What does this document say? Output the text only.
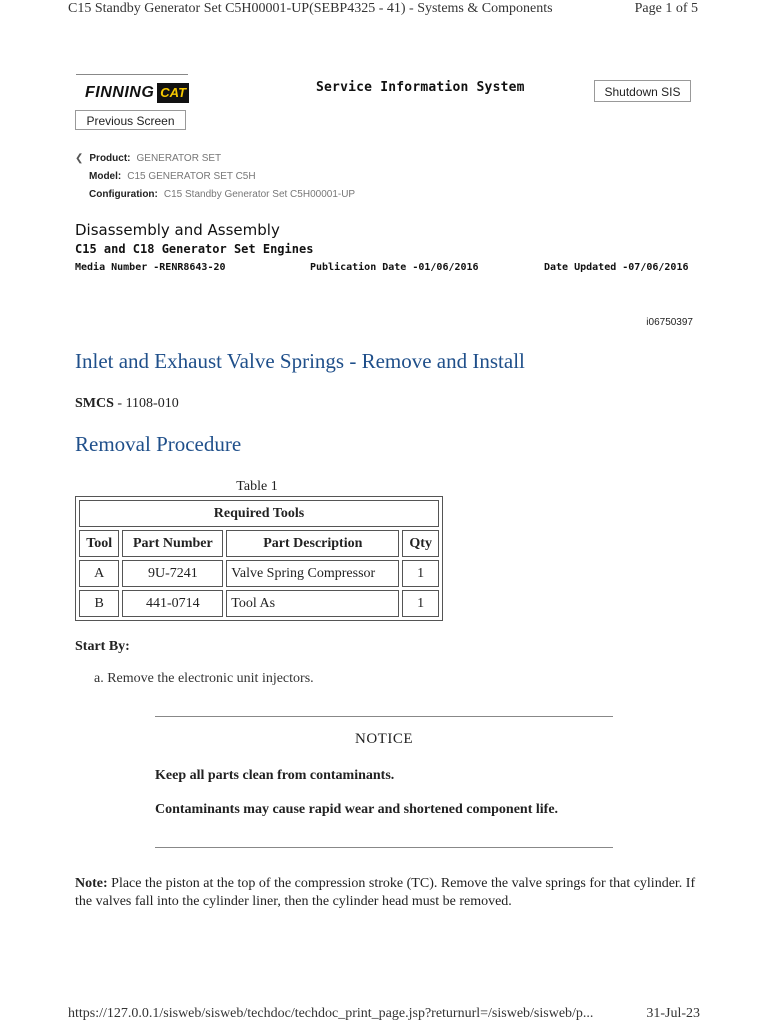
C15 Standby Generator Set C5H00001-UP(SEBP4325 - 41) - Systems & Components	Page 1 of 5
FINNING CAT	Service Information System	Shutdown SIS
Previous Screen
❮ Product: GENERATOR SET
Model: C15 GENERATOR SET C5H
Configuration: C15 Standby Generator Set C5H00001-UP
Disassembly and Assembly
C15 and C18 Generator Set Engines
Media Number -RENR8643-20	Publication Date -01/06/2016	Date Updated -07/06/2016
i06750397
Inlet and Exhaust Valve Springs - Remove and Install
SMCS - 1108-010
Removal Procedure
Table 1
Required Tools			
Tool	Part Number	Part Description	Qty
A	9U-7241	Valve Spring Compressor	1
B	441-0714	Tool As	1
Start By:
a. Remove the electronic unit injectors.
NOTICE
Keep all parts clean from contaminants.
Contaminants may cause rapid wear and shortened component life.
Note: Place the piston at the top of the compression stroke (TC). Remove the valve springs for that cylinder. If the valves fall into the cylinder liner, then the cylinder head must be removed.
https://127.0.0.1/sisweb/sisweb/techdoc/techdoc_print_page.jsp?returnurl=/sisweb/sisweb/p...	31-Jul-23
